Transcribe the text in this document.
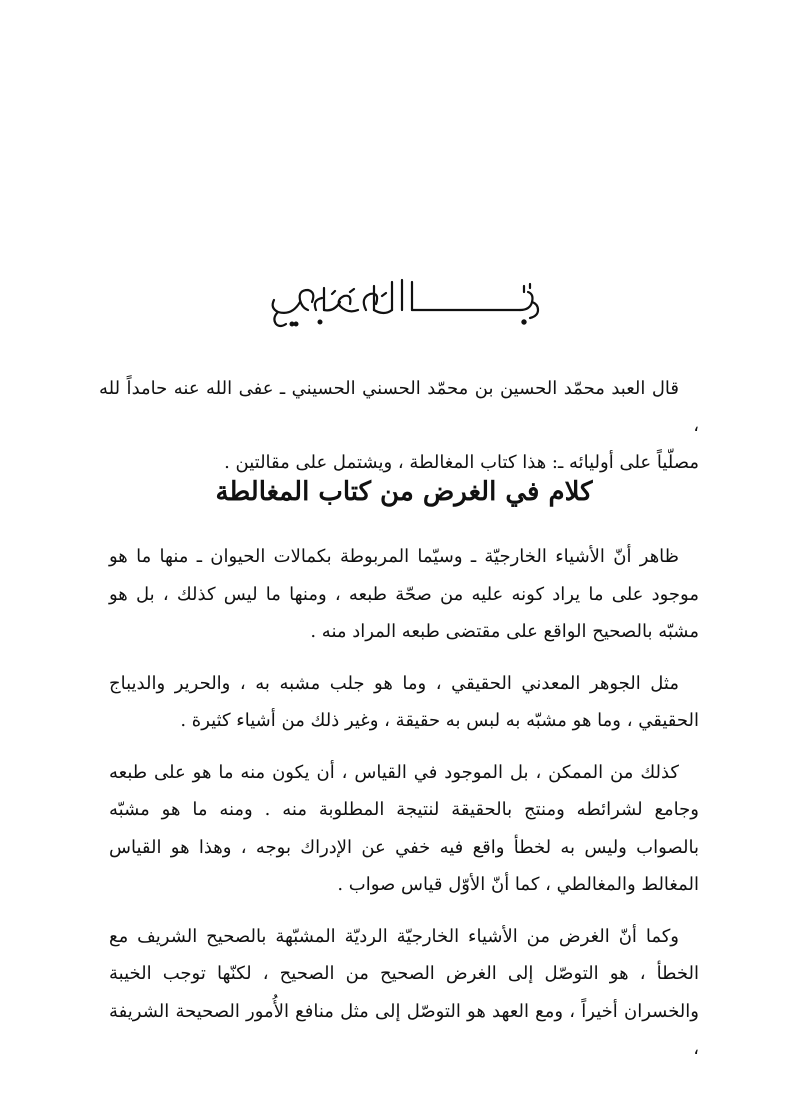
قال العبد محمّد الحسين بن محمّد الحسني الحسيني ـ عفى الله عنه حامداً لله ،

مصلّياً على أوليائه ـ: هذا كتاب المغالطة ، ويشتمل على مقالتين .

كلام في الغرض من كتاب المغالطة

ظاهر أنّ الأشياء الخارجيّة ـ وسيّما المربوطة بكمالات الحيوان ـ منها ما هو موجود على ما يراد كونه عليه من صحّة طبعه ، ومنها ما ليس كذلك ، بل هو مشبّه بالصحيح الواقع على مقتضى طبعه المراد منه .

مثل الجوهر المعدني الحقيقي ، وما هو جلب مشبه به ، والحرير والديباج الحقيقي ، وما هو مشبّه به لبس به حقيقة ، وغير ذلك من أشياء كثيرة .

كذلك من الممكن ، بل الموجود في القياس ، أن يكون منه ما هو على طبعه وجامع لشرائطه ومنتج بالحقيقة لنتيجة المطلوبة منه . ومنه ما هو مشبّه بالصواب وليس به لخطأ واقع فيه خفي عن الإدراك بوجه ، وهذا هو القياس المغالط والمغالطي ، كما أنّ الأوّل قياس صواب .

وكما أنّ الغرض من الأشياء الخارجيّة الرديّة المشبّهة بالصحيح الشريف مع الخطأ ، هو التوصّل إلى الغرض الصحيح من الصحيح ، لكنّها توجب الخيبة والخسران أخيراً ، ومع العهد هو التوصّل إلى مثل منافع الأُمور الصحيحة الشريفة ،
